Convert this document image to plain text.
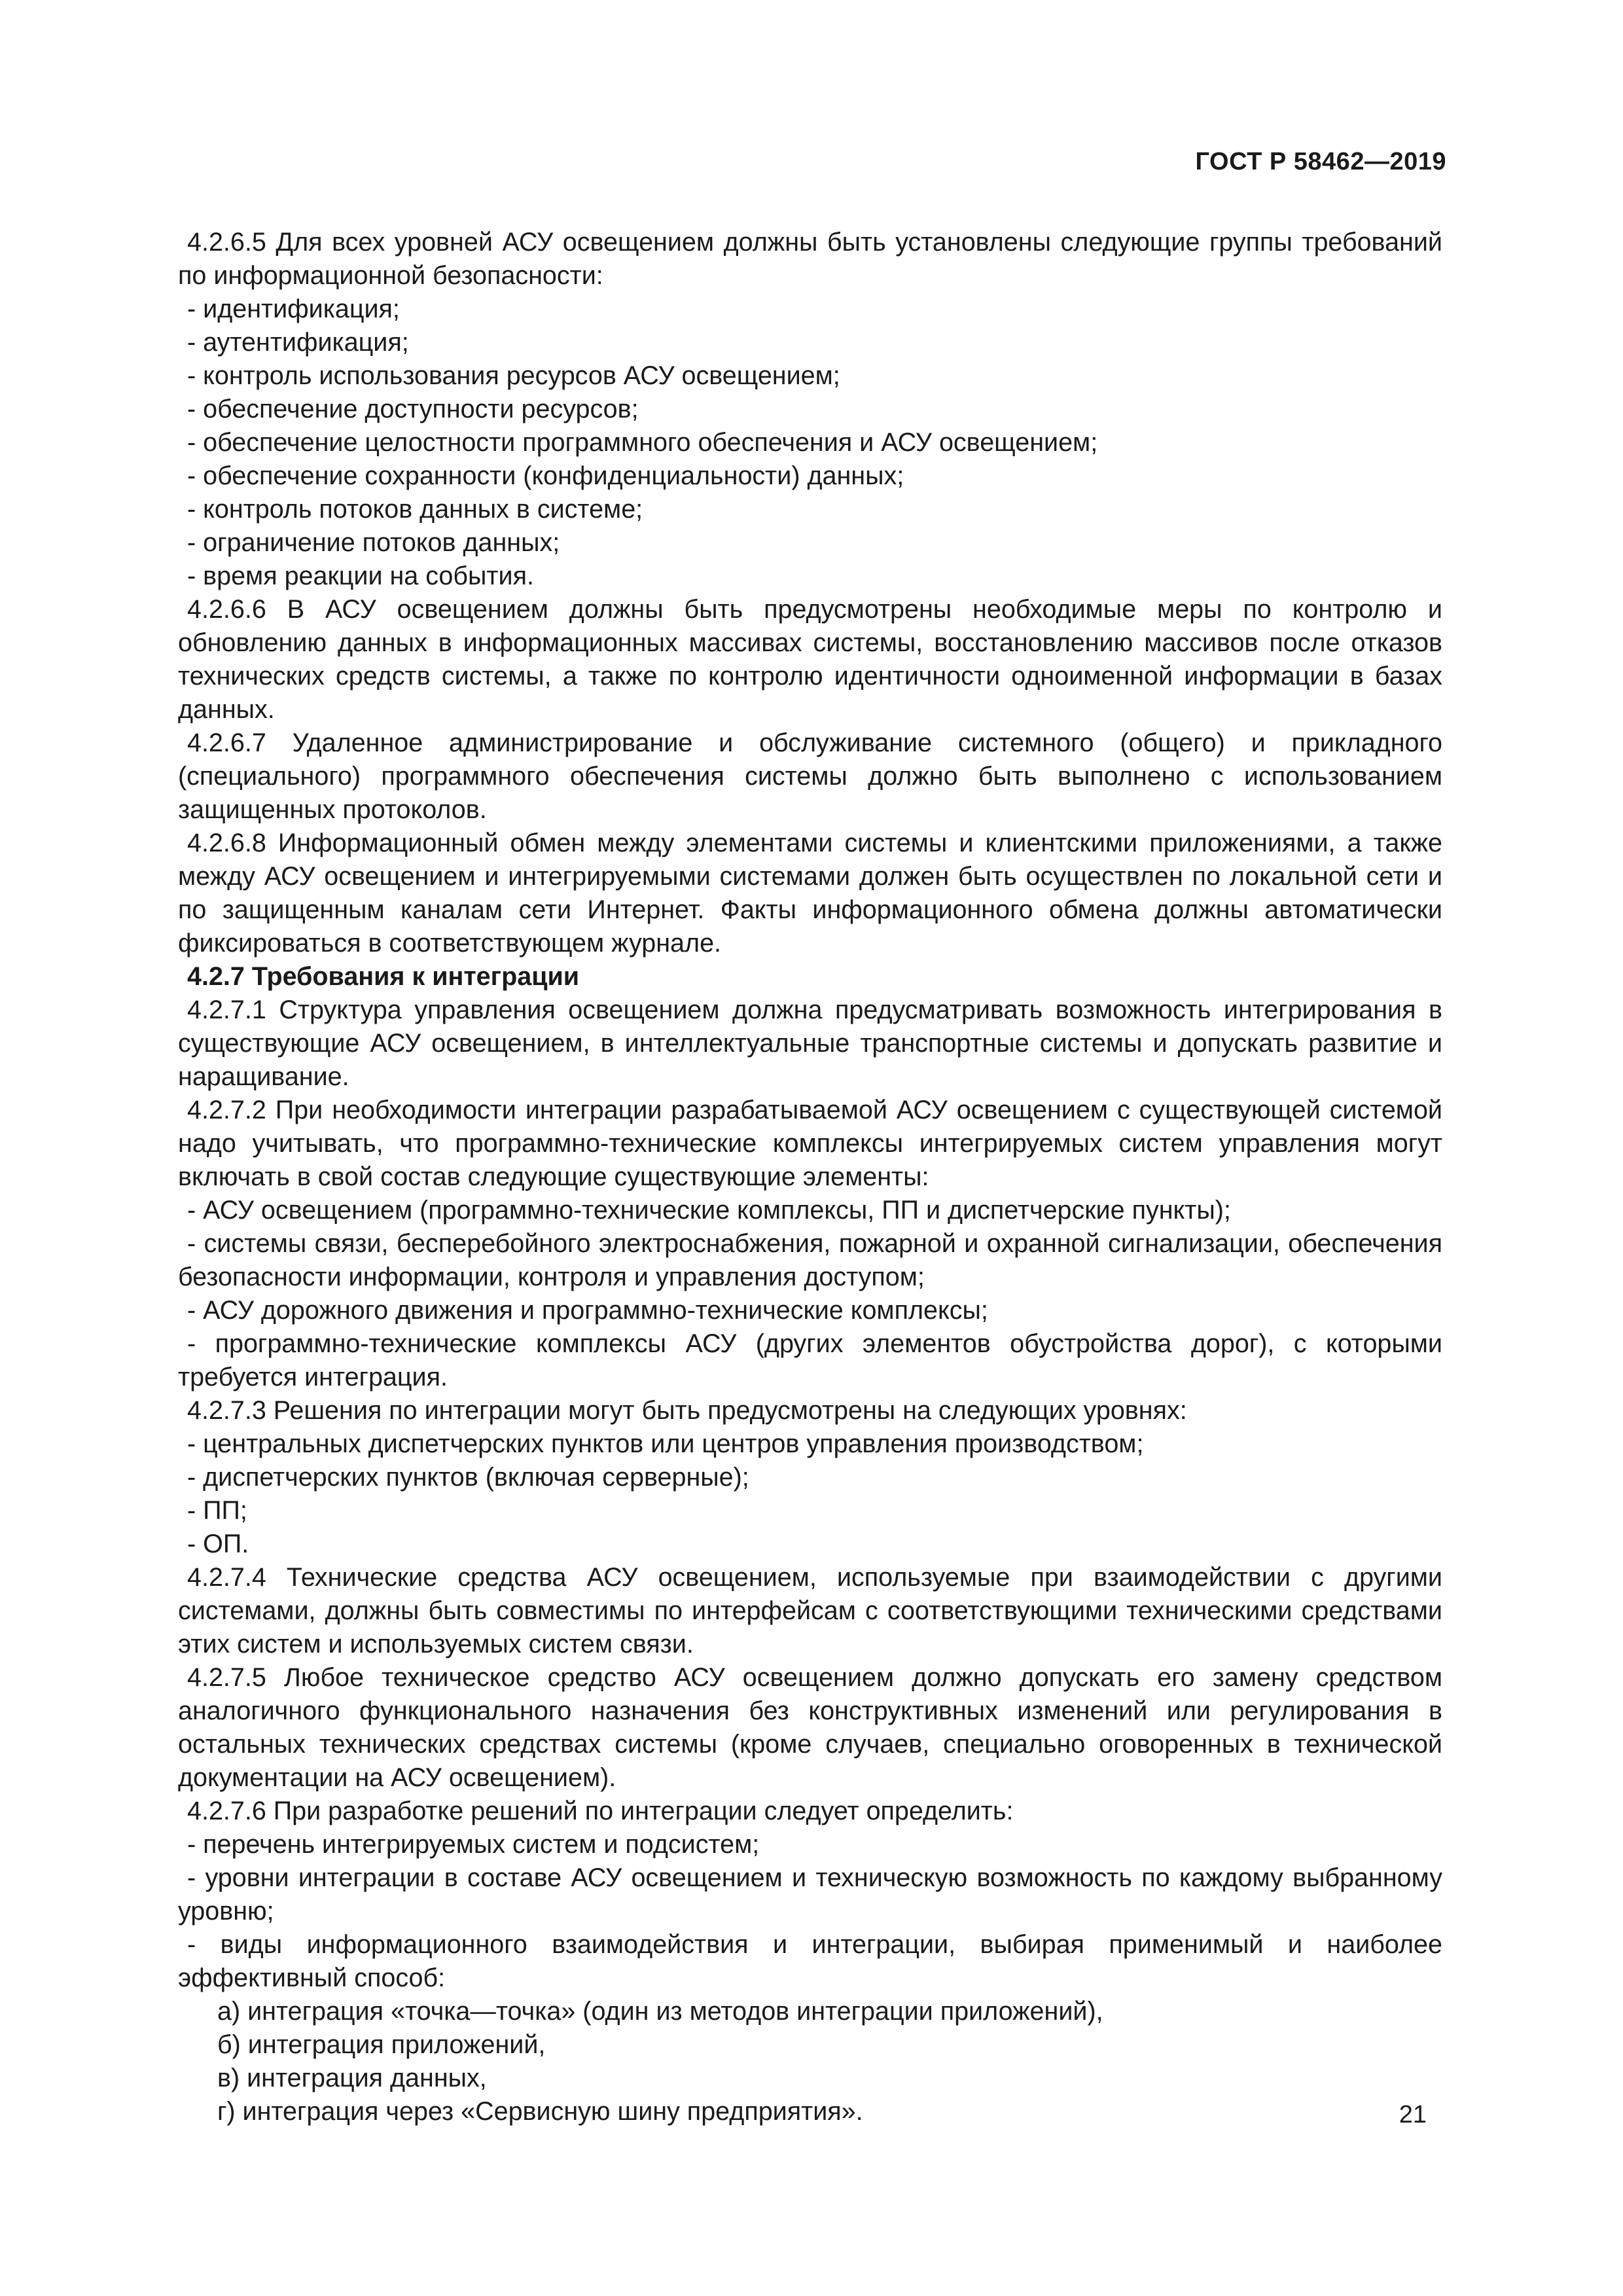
ГОСТ Р 58462—2019

4.2.6.5 Для всех уровней АСУ освещением должны быть установлены следующие группы требований по информационной безопасности:

- идентификация;

- аутентификация;

- контроль использования ресурсов АСУ освещением;

- обеспечение доступности ресурсов;

- обеспечение целостности программного обеспечения и АСУ освещением;

- обеспечение сохранности (конфиденциальности) данных;

- контроль потоков данных в системе;

- ограничение потоков данных;

- время реакции на события.

4.2.6.6 В АСУ освещением должны быть предусмотрены необходимые меры по контролю и обновлению данных в информационных массивах системы, восстановлению массивов после отказов технических средств системы, а также по контролю идентичности одноименной информации в базах данных.

4.2.6.7 Удаленное администрирование и обслуживание системного (общего) и прикладного (специального) программного обеспечения системы должно быть выполнено с использованием защищенных протоколов.

4.2.6.8 Информационный обмен между элементами системы и клиентскими приложениями, а также между АСУ освещением и интегрируемыми системами должен быть осуществлен по локальной сети и по защищенным каналам сети Интернет. Факты информационного обмена должны автоматически фиксироваться в соответствующем журнале.

4.2.7 Требования к интеграции

4.2.7.1 Структура управления освещением должна предусматривать возможность интегрирования в существующие АСУ освещением, в интеллектуальные транспортные системы и допускать развитие и наращивание.

4.2.7.2 При необходимости интеграции разрабатываемой АСУ освещением с существующей системой надо учитывать, что программно-технические комплексы интегрируемых систем управления могут включать в свой состав следующие существующие элементы:

- АСУ освещением (программно-технические комплексы, ПП и диспетчерские пункты);

- системы связи, бесперебойного электроснабжения, пожарной и охранной сигнализации, обеспечения безопасности информации, контроля и управления доступом;

- АСУ дорожного движения и программно-технические комплексы;

- программно-технические комплексы АСУ (других элементов обустройства дорог), с которыми требуется интеграция.

4.2.7.3 Решения по интеграции могут быть предусмотрены на следующих уровнях:

- центральных диспетчерских пунктов или центров управления производством;

- диспетчерских пунктов (включая серверные);

- ПП;

- ОП.

4.2.7.4 Технические средства АСУ освещением, используемые при взаимодействии с другими системами, должны быть совместимы по интерфейсам с соответствующими техническими средствами этих систем и используемых систем связи.

4.2.7.5 Любое техническое средство АСУ освещением должно допускать его замену средством аналогичного функционального назначения без конструктивных изменений или регулирования в остальных технических средствах системы (кроме случаев, специально оговоренных в технической документации на АСУ освещением).

4.2.7.6 При разработке решений по интеграции следует определить:

- перечень интегрируемых систем и подсистем;

- уровни интеграции в составе АСУ освещением и техническую возможность по каждому выбранному уровню;

- виды информационного взаимодействия и интеграции, выбирая применимый и наиболее эффективный способ:

а) интеграция «точка—точка» (один из методов интеграции приложений),

б) интеграция приложений,

в) интеграция данных,

г) интеграция через «Сервисную шину предприятия».	21
